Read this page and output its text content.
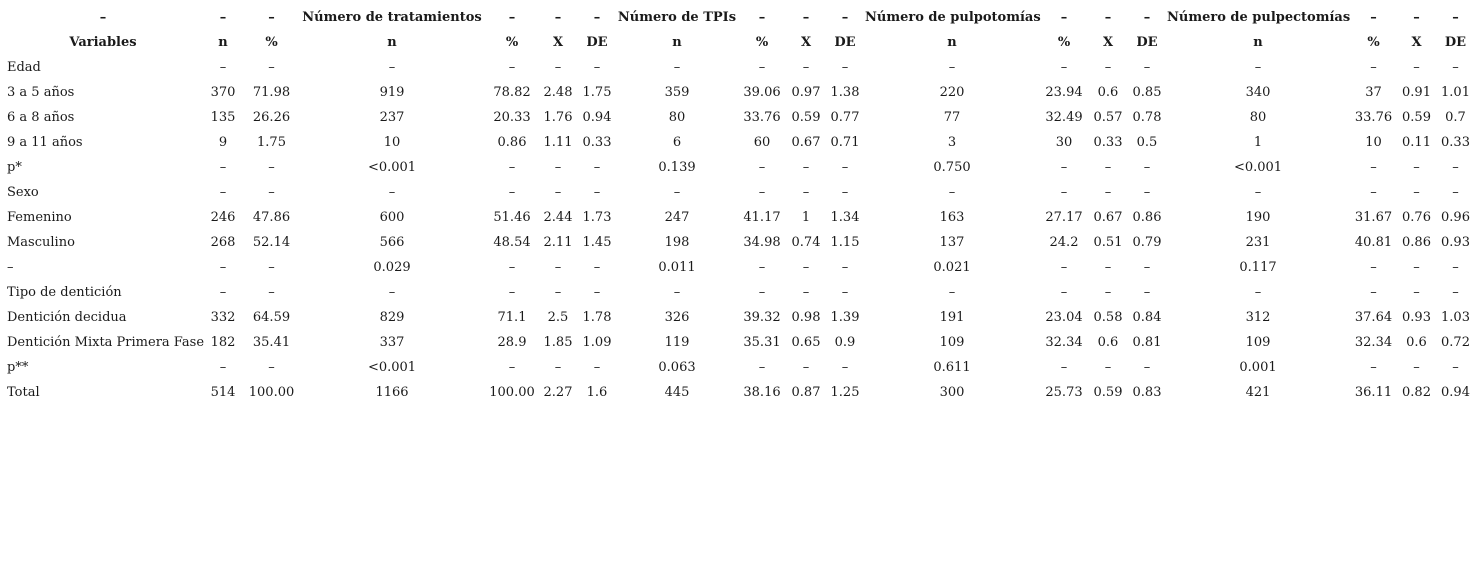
–	–	–	Número de tratamientos	–	–	–	Número de TPIs	–	–	–	Número de pulpotomías	–	–	–	Número de pulpectomías	–	–	–
Variables	n	%	n	%	X	DE	n	%	X	DE	n	%	X	DE	n	%	X	DE
Edad	–	–	–	–	–	–	–	–	–	–	–	–	–	–	–	–	–	–
3 a 5 años	370	71.98	919	78.82	2.48	1.75	359	39.06	0.97	1.38	220	23.94	0.6	0.85	340	37	0.91	1.01
6 a 8 años	135	26.26	237	20.33	1.76	0.94	80	33.76	0.59	0.77	77	32.49	0.57	0.78	80	33.76	0.59	0.7
9 a 11 años	9	1.75	10	0.86	1.11	0.33	6	60	0.67	0.71	3	30	0.33	0.5	1	10	0.11	0.33
p*	–	–	<0.001	–	–	–	0.139	–	–	–	0.750	–	–	–	<0.001	–	–	–
Sexo	–	–	–	–	–	–	–	–	–	–	–	–	–	–	–	–	–	–
Femenino	246	47.86	600	51.46	2.44	1.73	247	41.17	1	1.34	163	27.17	0.67	0.86	190	31.67	0.76	0.96
Masculino	268	52.14	566	48.54	2.11	1.45	198	34.98	0.74	1.15	137	24.2	0.51	0.79	231	40.81	0.86	0.93
–	–	–	0.029	–	–	–	0.011	–	–	–	0.021	–	–	–	0.117	–	–	–
Tipo de dentición	–	–	–	–	–	–	–	–	–	–	–	–	–	–	–	–	–	–
Dentición decidua	332	64.59	829	71.1	2.5	1.78	326	39.32	0.98	1.39	191	23.04	0.58	0.84	312	37.64	0.93	1.03
Dentición Mixta Primera Fase	182	35.41	337	28.9	1.85	1.09	119	35.31	0.65	0.9	109	32.34	0.6	0.81	109	32.34	0.6	0.72
p**	–	–	<0.001	–	–	–	0.063	–	–	–	0.611	–	–	–	0.001	–	–	–
Total	514	100.00	1166	100.00	2.27	1.6	445	38.16	0.87	1.25	300	25.73	0.59	0.83	421	36.11	0.82	0.94
